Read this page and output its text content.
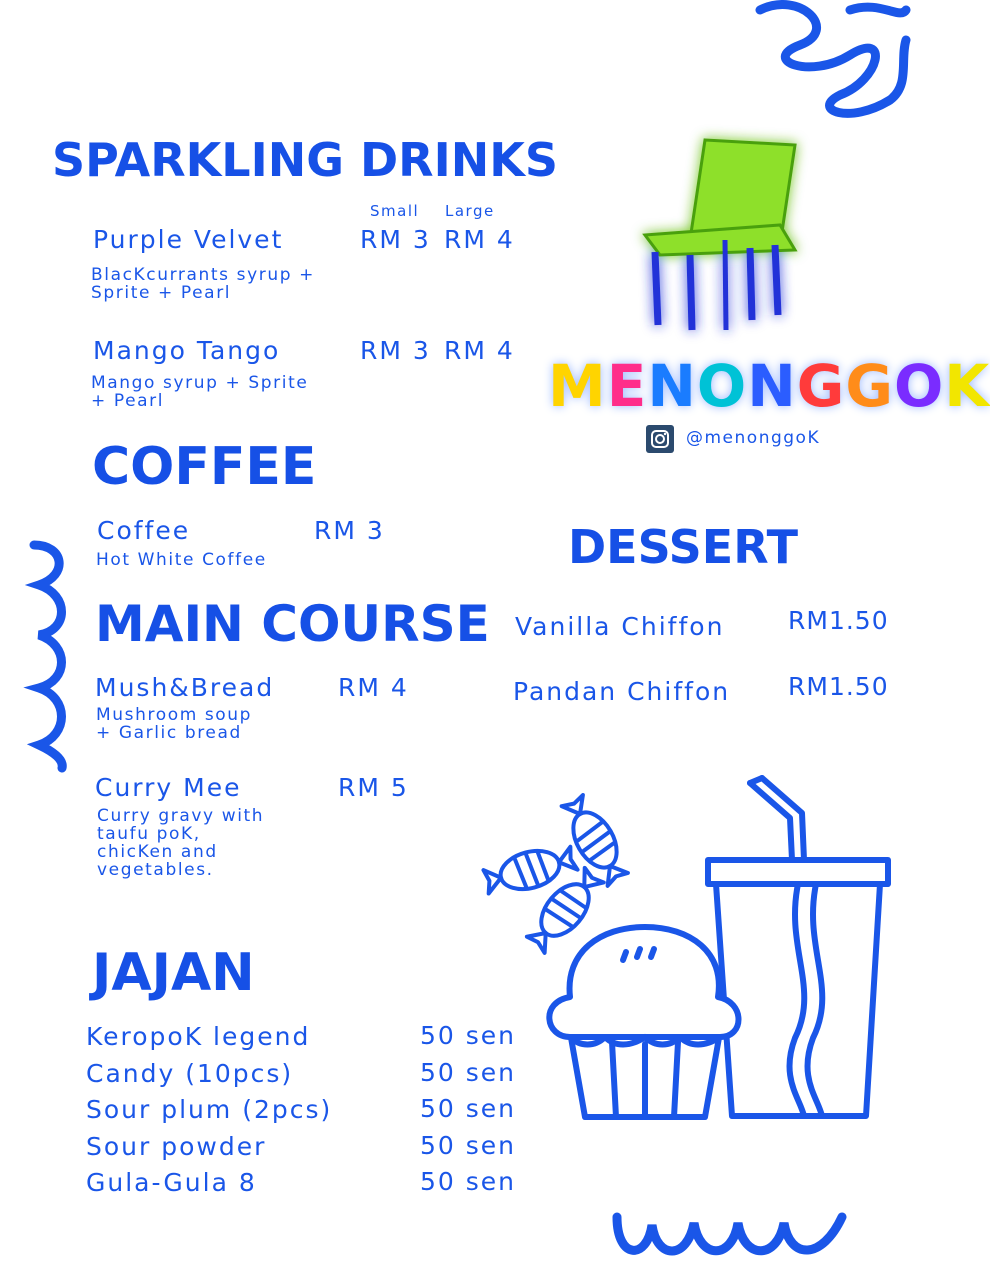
SPARKLING DRINKS
Small Large
Purple Velvet	RM 3 RM 4
BlacKcurrants syrup +
Sprite + Pearl
Mango Tango	RM 3 RM 4
Mango syrup + Sprite
+ Pearl	MENONGGOK
@menonggoK
COFFEE
Coffee	RM 3
Hot White Coffee
MAIN COURSE
Mush&Bread	RM 4
Mushroom soup
+ Garlic bread
Curry Mee	RM 5
Curry gravy with
taufu poK,
chicKen and
vegetables.
DESSERT
Vanilla Chiffon	RM1.50
Pandan Chiffon RM1.50
JAJAN
KeropoK legend	50 sen
Candy (10pcs)	50 sen
Sour plum (2pcs)	50 sen
Sour powder	50 sen
Gula-Gula 8	50 sen
